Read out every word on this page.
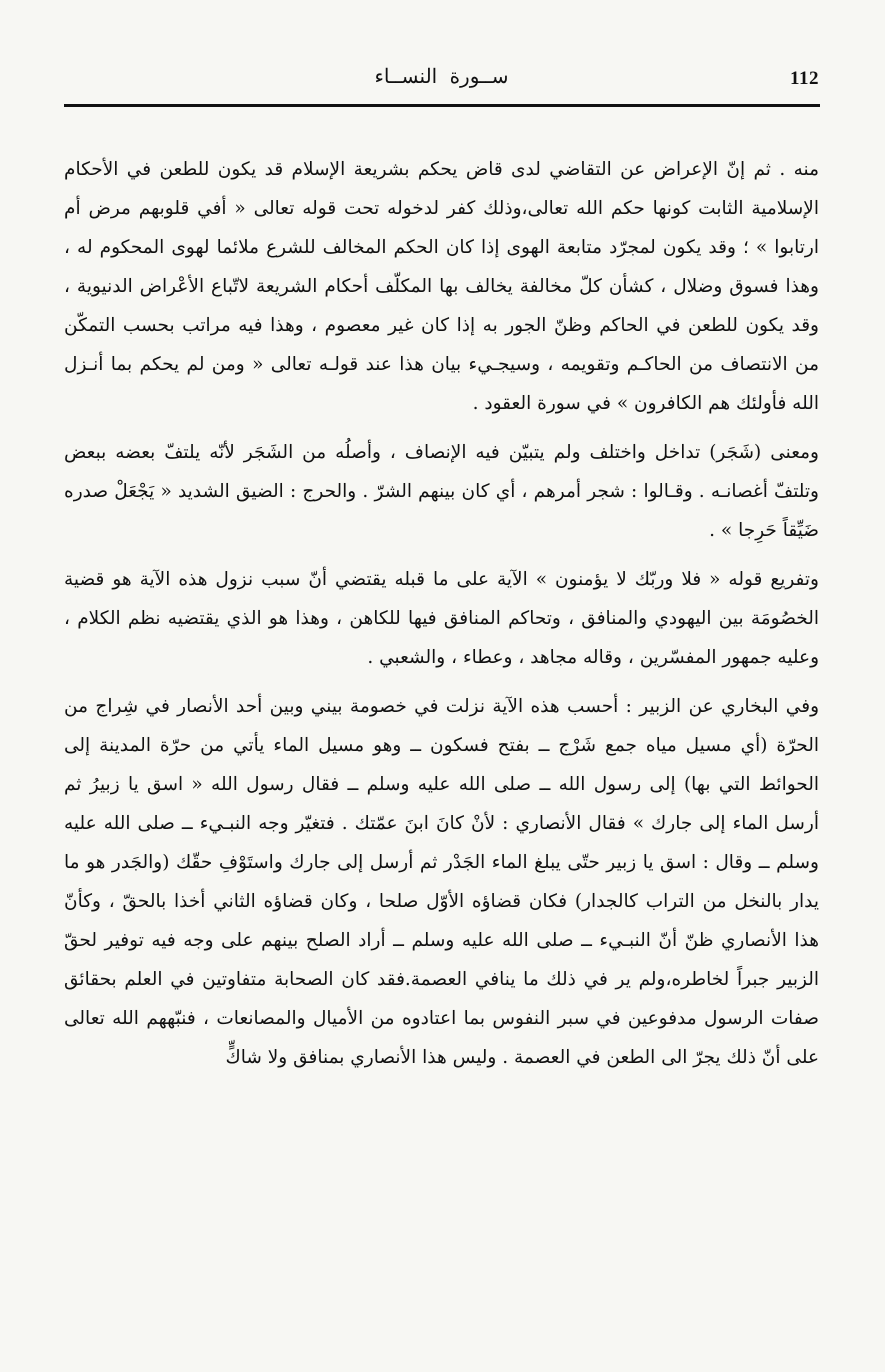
112
ســورة النســاء

منه . ثم إنّ الإعراض عن التقاضي لدى قاض يحكم بشريعة الإسلام قد يكون للطعن في الأحكام الإسلامية الثابت كونها حكم الله تعالى،وذلك كفر لدخوله تحت قوله تعالى « أفي قلوبهم مرض أم ارتابوا » ؛ وقد يكون لمجرّد متابعة الهوى إذا كان الحكم المخالف للشرع ملائما لهوى المحكوم له ، وهذا فسوق وضلال ، كشأن كلّ مخالفة يخالف بها المكلّف أحكام الشريعة لاتّباع الأعْراض الدنيوية ، وقد يكون للطعن في الحاكم وظنّ الجور به إذا كان غير معصوم ، وهذا فيه مراتب بحسب التمكّن من الانتصاف من الحاكـم وتقويمه ، وسيجـيء بيان هذا عند قولـه تعالى « ومن لم يحكم بما أنـزل الله فأولئك هم الكافرون » في سورة العقود .

ومعنى (شَجَر) تداخل واختلف ولم يتبيّن فيه الإنصاف ، وأصلُه من الشَجَر لأنّه يلتفّ بعضه ببعض وتلتفّ أغصانـه . وقـالوا : شجر أمرهم ، أي كان بينهم الشرّ . والحرج : الضيق الشديد « يَجْعَلْ صدره ضَيِّقاً حَرِجا » .

وتفريع قوله « فلا وربّك لا يؤمنون » الآية على ما قبله يقتضي أنّ سبب نزول هذه الآية هو قضية الخصُومَة بين اليهودي والمنافق ، وتحاكم المنافق فيها للكاهن ، وهذا هو الذي يقتضيه نظم الكلام ، وعليه جمهور المفسّرين ، وقاله مجاهد ، وعطاء ، والشعبي .

وفي البخاري عن الزبير : أحسب هذه الآية نزلت في خصومة بيني وبين أحد الأنصار في شِراج من الحرّة (أي مسيل مياه جمع شَرْج ــ بفتح فسكون ــ وهو مسيل الماء يأتي من حرّة المدينة إلى الحوائط التي بها) إلى رسول الله ــ صلى الله عليه وسلم ــ فقال رسول الله « اسق يا زبيرُ ثم أرسل الماء إلى جارك » فقال الأنصاري : لأنْ كانَ ابنَ عمّتك . فتغيّر وجه النبـيء ــ صلى الله عليه وسلم ــ وقال : اسق يا زبير حتّى يبلغ الماء الجَدْر ثم أرسل إلى جارك واستَوْفِ حقّك (والجَدر هو ما يدار بالنخل من التراب كالجدار) فكان قضاؤه الأوّل صلحا ، وكان قضاؤه الثاني أخذا بالحقّ ، وكأنّ هذا الأنصاري ظنّ أنّ النبـيء ــ صلى الله عليه وسلم ــ أراد الصلح بينهم على وجه فيه توفير لحقّ الزبير جبراً لخاطره،ولم ير في ذلك ما ينافي العصمة.فقد كان الصحابة متفاوتين في العلم بحقائق صفات الرسول مدفوعين في سبر النفوس بما اعتادوه من الأميال والمصانعات ، فنبّههم الله تعالى على أنّ ذلك يجرّ الى الطعن في العصمة . وليس هذا الأنصاري بمنافق ولا شاكٍّ
